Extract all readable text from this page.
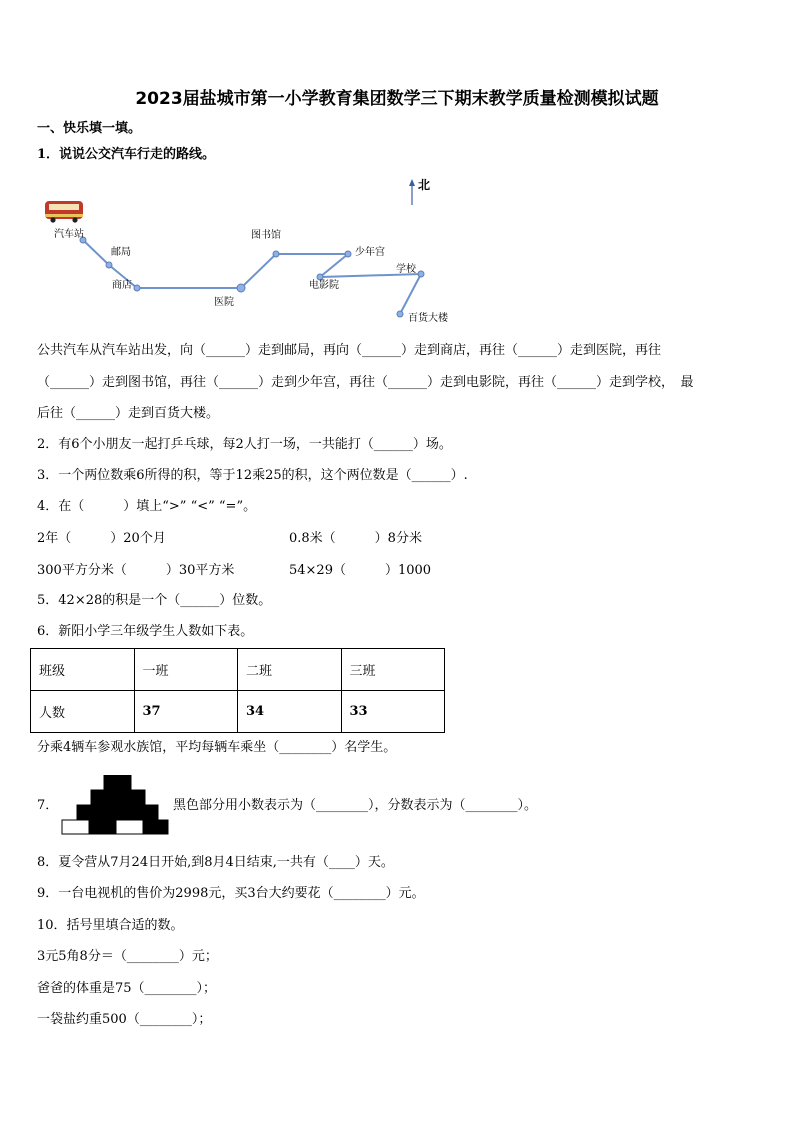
2023届盐城市第一小学教育集团数学三下期末教学质量检测模拟试题
一、快乐填一填。
1．说说公交汽车行走的路线。
北
汽车站
邮局
商店
医院
图书馆
少年宫
电影院
学校
百货大楼
公共汽车从汽车站出发，向（______）走到邮局，再向（______）走到商店，再往（______）走到医院，再往
（______）走到图书馆，再往（______）走到少年宫，再往（______）走到电影院，再往（______）走到学校，　最
后往（______）走到百货大楼。
2．有6个小朋友一起打乒乓球，每2人打一场，一共能打（______）场。
3．一个两位数乘6所得的积，等于12乘25的积，这个两位数是（______）.
4．在（　　　）填上“>” “<” “=”。
2年（　　　）20个月	0.8米（　　　）8分米
300平方分米（　　　）30平方米	54×29（　　　）1000
5．42×28的积是一个（______）位数。
6．新阳小学三年级学生人数如下表。
班级	一班	二班	三班
人数	37	34	33
分乘4辆车参观水族馆，平均每辆车乘坐（________）名学生。
7．	黑色部分用小数表示为（________），分数表示为（________）。
8．夏令营从7月24日开始,到8月4日结束,一共有（____）天。
9．一台电视机的售价为2998元，买3台大约要花（________）元。
10．括号里填合适的数。
3元5角8分＝（________）元；
爸爸的体重是75（________）；
一袋盐约重500（________）；
